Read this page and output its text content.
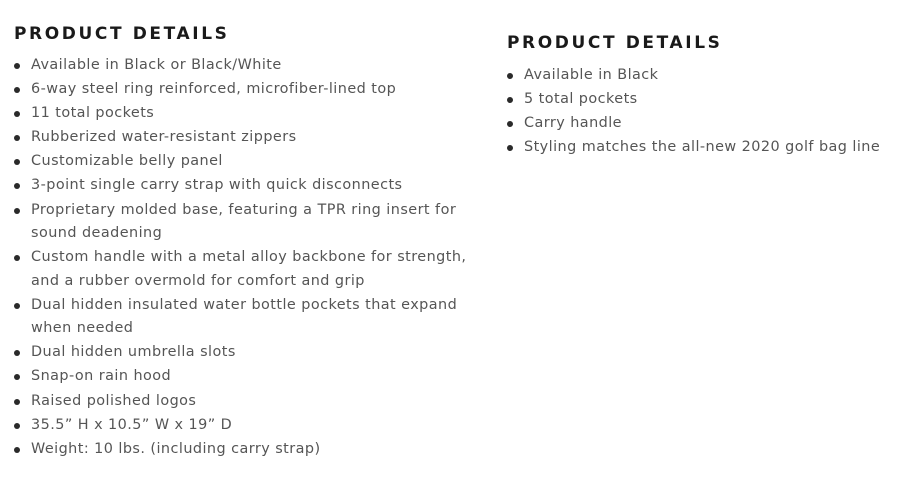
PRODUCT DETAILS
Available in Black or Black/White
6-way steel ring reinforced, microfiber-lined top
11 total pockets
Rubberized water-resistant zippers
Customizable belly panel
3-point single carry strap with quick disconnects
Proprietary molded base, featuring a TPR ring insert for sound deadening
Custom handle with a metal alloy backbone for strength, and a rubber overmold for comfort and grip
Dual hidden insulated water bottle pockets that expand when needed
Dual hidden umbrella slots
Snap-on rain hood
Raised polished logos
35.5” H x 10.5” W x 19” D
Weight: 10 lbs. (including carry strap)
PRODUCT DETAILS
Available in Black
5 total pockets
Carry handle
Styling matches the all-new 2020 golf bag line
